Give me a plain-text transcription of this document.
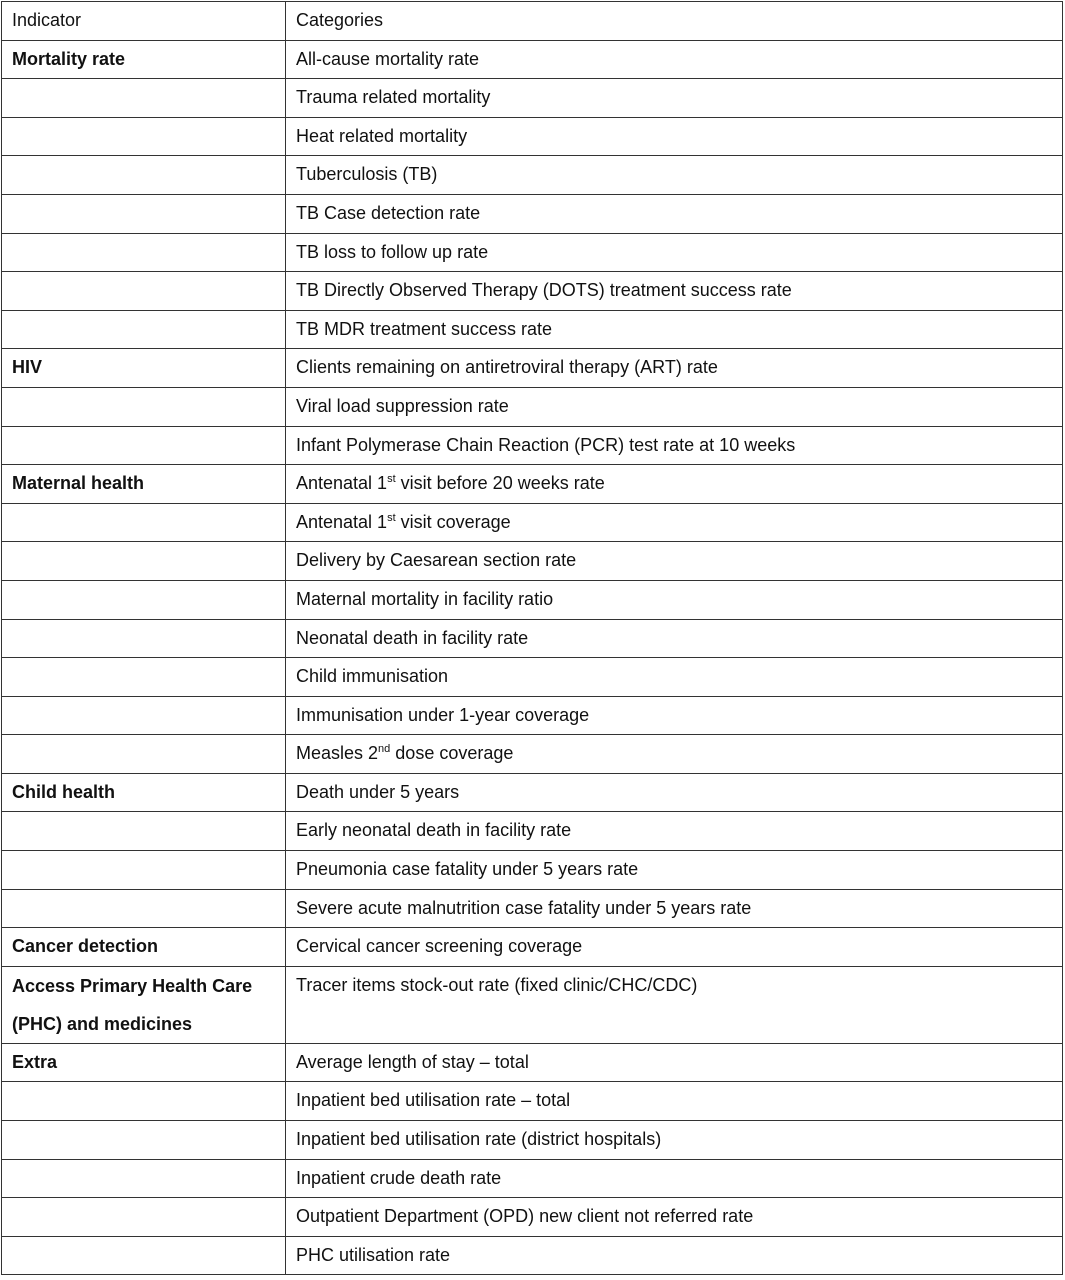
Indicator	Categories
Mortality rate	All-cause mortality rate
	Trauma related mortality
	Heat related mortality
	Tuberculosis (TB)
	TB Case detection rate
	TB loss to follow up rate
	TB Directly Observed Therapy (DOTS) treatment success rate
	TB MDR treatment success rate
HIV	Clients remaining on antiretroviral therapy (ART) rate
	Viral load suppression rate
	Infant Polymerase Chain Reaction (PCR) test rate at 10 weeks
Maternal health	Antenatal 1st visit before 20 weeks rate
	Antenatal 1st visit coverage
	Delivery by Caesarean section rate
	Maternal mortality in facility ratio
	Neonatal death in facility rate
	Child immunisation
	Immunisation under 1-year coverage
	Measles 2nd dose coverage
Child health	Death under 5 years
	Early neonatal death in facility rate
	Pneumonia case fatality under 5 years rate
	Severe acute malnutrition case fatality under 5 years rate
Cancer detection	Cervical cancer screening coverage
Access Primary Health Care (PHC) and medicines	Tracer items stock-out rate (fixed clinic/CHC/CDC)
Extra	Average length of stay – total
	Inpatient bed utilisation rate – total
	Inpatient bed utilisation rate (district hospitals)
	Inpatient crude death rate
	Outpatient Department (OPD) new client not referred rate
	PHC utilisation rate
